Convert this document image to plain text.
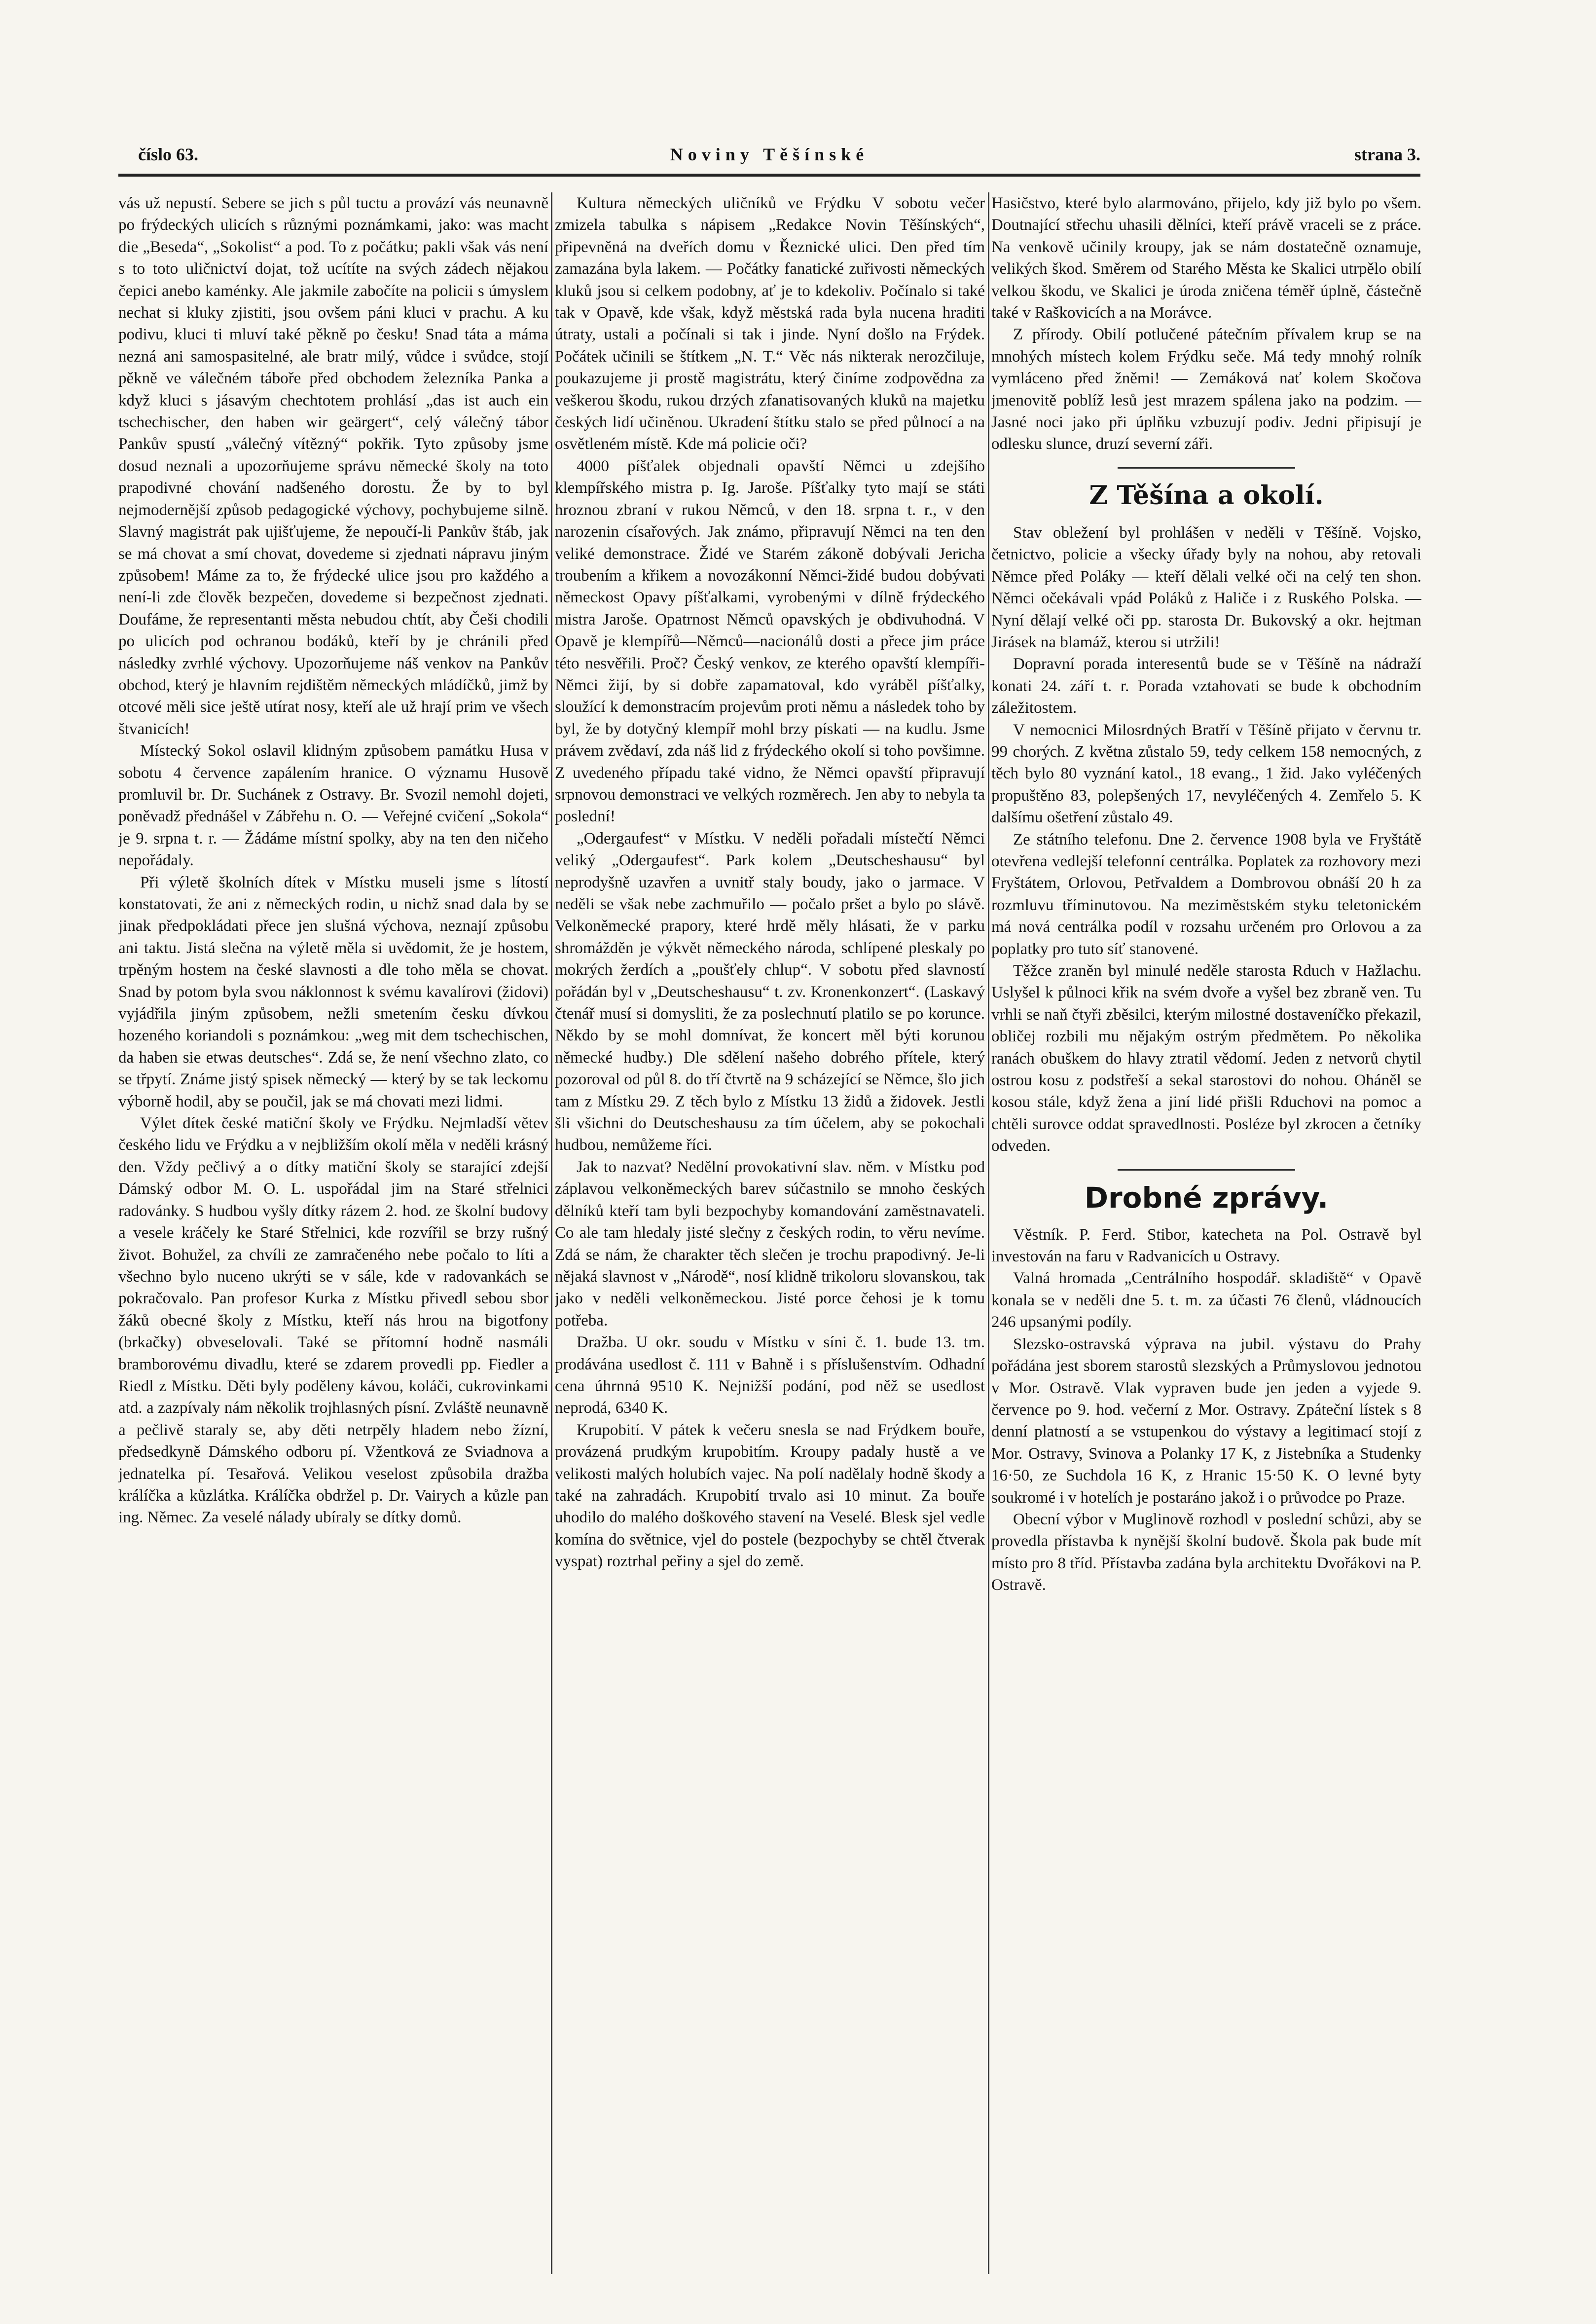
Noviny Těšínské
číslo 63.	strana 3.

vás už nepustí. Sebere se jich s půl tuctu a provází vás neunavně po frýdeckých ulicích s různými poznámkami, jako: was macht die „Beseda“, „Sokolist“ a pod. To z počátku; pakli však vás není s to toto uličnictví dojat, tož ucítíte na svých zádech nějakou čepici anebo kaménky. Ale jakmile zabočíte na policii s úmyslem nechat si kluky zjistiti, jsou ovšem páni kluci v prachu. A ku podivu, kluci ti mluví také pěkně po česku! Snad táta a máma nezná ani samospasitelné, ale bratr milý, vůdce i svůdce, stojí pěkně ve válečném táboře před obchodem železníka Panka a když kluci s jásavým chechtotem prohlásí „das ist auch ein tschechischer, den haben wir geärgert“, celý válečný tábor Pankův spustí „válečný vítězný“ pokřik. Tyto způsoby jsme dosud neznali a upozorňujeme správu německé školy na toto prapodivné chování nadšeného dorostu. Že by to byl nejmodernější způsob pedagogické výchovy, pochybujeme silně. Slavný magistrát pak ujišťujeme, že nepoučí-li Pankův štáb, jak se má chovat a smí chovat, dovedeme si zjednati nápravu jiným způsobem! Máme za to, že frýdecké ulice jsou pro každého a není-li zde člověk bezpečen, dovedeme si bezpečnost zjednati. Doufáme, že representanti města nebudou chtít, aby Češi chodili po ulicích pod ochranou bodáků, kteří by je chránili před následky zvrhlé výchovy. Upozorňujeme náš venkov na Pankův obchod, který je hlavním rejdištěm německých mládíčků, jimž by otcové měli sice ještě utírat nosy, kteří ale už hrají prim ve všech štvanicích!

Místecký Sokol oslavil klidným způsobem památku Husa v sobotu 4 července zapálením hranice. O významu Husově promluvil br. Dr. Suchánek z Ostravy. Br. Svozil nemohl dojeti, poněvadž přednášel v Zábřehu n. O. — Veřejné cvičení „Sokola“ je 9. srpna t. r. — Žádáme místní spolky, aby na ten den ničeho nepořádaly.

Při výletě školních dítek v Místku museli jsme s lítostí konstatovati, že ani z německých rodin, u nichž snad dala by se jinak předpokládati přece jen slušná výchova, neznají způsobu ani taktu. Jistá slečna na výletě měla si uvědomit, že je hostem, trpěným hostem na české slavnosti a dle toho měla se chovat. Snad by potom byla svou náklonnost k svému kavalírovi (židovi) vyjádřila jiným způsobem, nežli smetením česku dívkou hozeného koriandoli s poznámkou: „weg mit dem tschechischen, da haben sie etwas deutsches“. Zdá se, že není všechno zlato, co se třpytí. Známe jistý spisek německý — který by se tak leckomu výborně hodil, aby se poučil, jak se má chovati mezi lidmi.

Výlet dítek české matiční školy ve Frýdku. Nejmladší větev českého lidu ve Frýdku a v nejbližším okolí měla v neděli krásný den. Vždy pečlivý a o dítky matiční školy se starající zdejší Dámský odbor M. O. L. uspořádal jim na Staré střelnici radovánky. S hudbou vyšly dítky rázem 2. hod. ze školní budovy a vesele kráčely ke Staré Střelnici, kde rozvířil se brzy rušný život. Bohužel, za chvíli ze zamračeného nebe počalo to líti a všechno bylo nuceno ukrýti se v sále, kde v radovankách se pokračovalo. Pan profesor Kurka z Místku přivedl sebou sbor žáků obecné školy z Místku, kteří nás hrou na bigotfony (brkačky) obveselovali. Také se přítomní hodně nasmáli bramborovému divadlu, které se zdarem provedli pp. Fiedler a Riedl z Místku. Děti byly poděleny kávou, koláči, cukrovinkami atd. a zazpívaly nám několik trojhlasných písní. Zvláště neunavně a pečlivě staraly se, aby děti netrpěly hladem nebo žízní, předsedkyně Dámského odboru pí. Vžentková ze Sviadnova a jednatelka pí. Tesařová. Velikou veselost způsobila dražba králíčka a kůzlátka. Králíčka obdržel p. Dr. Vairych a kůzle pan ing. Němec. Za veselé nálady ubíraly se dítky domů.

Kultura německých uličníků ve Frýdku V sobotu večer zmizela tabulka s nápisem „Redakce Novin Těšínských“, připevněná na dveřích domu v Řeznické ulici. Den před tím zamazána byla lakem. — Počátky fanatické zuřivosti německých kluků jsou si celkem podobny, ať je to kdekoliv. Počínalo si také tak v Opavě, kde však, když městská rada byla nucena hraditi útraty, ustali a počínali si tak i jinde. Nyní došlo na Frýdek. Počátek učinili se štítkem „N. T.“ Věc nás nikterak nerozčiluje, poukazujeme ji prostě magistrátu, který činíme zodpovědna za veškerou škodu, rukou drzých zfanatisovaných kluků na majetku českých lidí učiněnou. Ukradení štítku stalo se před půlnocí a na osvětleném místě. Kde má policie oči?

4000 píšťalek objednali opavští Němci u zdejšího klempířského mistra p. Ig. Jaroše. Píšťalky tyto mají se státi hroznou zbraní v rukou Němců, v den 18. srpna t. r., v den narozenin císařových. Jak známo, připravují Němci na ten den veliké demonstrace. Židé ve Starém zákoně dobývali Jericha troubením a křikem a novozákonní Němci-židé budou dobývati německost Opavy píšťalkami, vyrobenými v dílně frýdeckého mistra Jaroše. Opatrnost Němců opavských je obdivuhodná. V Opavě je klempířů—Němců—nacionálů dosti a přece jim práce této nesvěřili. Proč? Český venkov, ze kterého opavští klempíři-Němci žijí, by si dobře zapamatoval, kdo vyráběl píšťalky, sloužící k demonstracím projevům proti němu a následek toho by byl, že by dotyčný klempíř mohl brzy pískati — na kudlu. Jsme právem zvědaví, zda náš lid z frýdeckého okolí si toho povšimne. Z uvedeného případu také vidno, že Němci opavští připravují srpnovou demonstraci ve velkých rozměrech. Jen aby to nebyla ta poslední!

„Odergaufest“ v Místku. V neděli pořadali místečtí Němci veliký „Odergaufest“. Park kolem „Deutscheshausu“ byl neprodyšně uzavřen a uvnitř staly boudy, jako o jarmace. V neděli se však nebe zachmuřilo — počalo pršet a bylo po slávě. Velkoněmecké prapory, které hrdě měly hlásati, že v parku shromážděn je výkvět německého národa, schlípené pleskaly po mokrých žerdích a „poušťely chlup“. V sobotu před slavností pořádán byl v „Deutscheshausu“ t. zv. Kronenkonzert“. (Laskavý čtenář musí si domysliti, že za poslechnutí platilo se po koruncе. Někdo by se mohl domnívat, že koncert měl býti korunou německé hudby.) Dle sdělení našeho dobrého přítele, který pozoroval od půl 8. do tří čtvrtě na 9 scházející se Němce, šlo jich tam z Místku 29. Z těch bylo z Místku 13 židů a židovek. Jestli šli všichni do Deutscheshausu za tím účelem, aby se pokochali hudbou, nemůžeme říci.

Jak to nazvat? Nedělní provokativní slav. něm. v Místku pod záplavou velkoněmeckých barev súčastnilo se mnoho českých dělníků kteří tam byli bezpochyby komandování zaměstnavateli. Co ale tam hledaly jisté slečny z českých rodin, to věru nevíme. Zdá se nám, že charakter těch slečen je trochu prapodivný. Je-li nějaká slavnost v „Národě“, nosí klidně trikoloru slovanskou, tak jako v neděli velkoněmeckou. Jisté porce čehosi je k tomu potřeba.

Dražba. U okr. soudu v Místku v síni č. 1. bude 13. tm. prodávána usedlost č. 111 v Bahně i s příslušenstvím. Odhadní cena úhrnná 9510 K. Nejnižší podání, pod něž se usedlost neprodá, 6340 K.

Krupobití. V pátek k večeru snesla se nad Frýdkem bouře, provázená prudkým krupobitím. Kroupy padaly hustě a ve velikosti malých holubích vajec. Na polí nadělaly hodně škody a také na zahradách. Krupobití trvalo asi 10 minut. Za bouře uhodilo do malého doškového stavení na Veselé. Blesk sjel vedle komína do světnice, vjel do postele (bezpochyby se chtěl čtverak vyspat) roztrhal peřiny a sjel do země.

Hasičstvo, které bylo alarmováno, přijelo, kdy již bylo po všem. Doutnající střechu uhasili dělníci, kteří právě vraceli se z práce. Na venkově učinily kroupy, jak se nám dostatečně oznamuje, velikých škod. Směrem od Starého Města ke Skalici utrpělo obilí velkou škodu, ve Skalici je úroda zničena téměř úplně, částečně také v Raškovicích a na Morávce.

Z přírody. Obilí potlučené pátečním přívalem krup se na mnohých místech kolem Frýdku seče. Má tedy mnohý rolník vymláceno před žněmi! — Zemáková nať kolem Skočova jmenovitě poblíž lesů jest mrazem spálena jako na podzim. — Jasné noci jako při úplňku vzbuzují podiv. Jedni připisují je odlesku slunce, druzí severní záři.

Z Těšína a okolí.

Stav obležení byl prohlášen v neděli v Těšíně. Vojsko, četnictvo, policie a všecky úřady byly na nohou, aby retovali Němce před Poláky — kteří dělali velké oči na celý ten shon. Němci očekávali vpád Poláků z Haliče i z Ruského Polska. — Nyní dělají velké oči pp. starosta Dr. Bukovský a okr. hejtman Jirásek na blamáž, kterou si utržili!

Dopravní porada interesentů bude se v Těšíně na nádraží konati 24. září t. r. Porada vztahovati se bude k obchodním záležitostem.

V nemocnici Milosrdných Bratří v Těšíně přijato v červnu tr. 99 chorých. Z května zůstalo 59, tedy celkem 158 nemocných, z těch bylo 80 vyznání katol., 18 evang., 1 žid. Jako vyléčených propuštěno 83, polepšených 17, nevyléčených 4. Zemřelo 5. K dalšímu ošetření zůstalo 49.

Ze státního telefonu. Dne 2. července 1908 byla ve Fryštátě otevřena vedlejší telefonní centrálka. Poplatek za rozhovory mezi Fryštátem, Orlovou, Petřvaldem a Dombrovou obnáší 20 h za rozmluvu tříminutovou. Na meziměstském styku teletonickém má nová centrálka podíl v rozsahu určeném pro Orlovou a za poplatky pro tuto síť stanovené.

Těžce zraněn byl minulé neděle starosta Rduch v Hažlachu. Uslyšel k půlnoci křik na svém dvoře a vyšel bez zbraně ven. Tu vrhli se naň čtyři zběsilci, kterým milostné dostaveníčko překazil, obličej rozbili mu nějakým ostrým předmětem. Po několika ranách obuškem do hlavy ztratil vědomí. Jeden z netvorů chytil ostrou kosu z podstřeší a sekal starostovi do nohou. Oháněl se kosou stále, když žena a jiní lidé přišli Rduchovi na pomoc a chtěli surovce oddat spravedlnosti. Posléze byl zkrocen a četníky odveden.

Drobné zprávy.

Věstník. P. Ferd. Stibor, katecheta na Pol. Ostravě byl investován na faru v Radvanicích u Ostravy.

Valná hromada „Centrálního hospodář. skladiště“ v Opavě konala se v neděli dne 5. t. m. za účasti 76 členů, vládnoucích 246 upsanými podíly.

Slezsko-ostravská výprava na jubil. výstavu do Prahy pořádána jest sborem starostů slezských a Průmyslovou jednotou v Mor. Ostravě. Vlak vypraven bude jen jeden a vyjede 9. července po 9. hod. večerní z Mor. Ostravy. Zpáteční lístek s 8 denní platností a se vstupenkou do výstavy a legitimací stojí z Mor. Ostravy, Svinova a Polanky 17 K, z Jistebníka a Studenky 16·50, ze Suchdola 16 K, z Hranic 15·50 K. O levné byty soukromé i v hotelích je postaráno jakož i o průvodce po Praze.

Obecní výbor v Muglinově rozhodl v poslední schůzi, aby se provedla přístavba k nynější školní budově. Škola pak bude mít místo pro 8 tříd. Přístavba zadána byla architektu Dvořákovi na P. Ostravě.
